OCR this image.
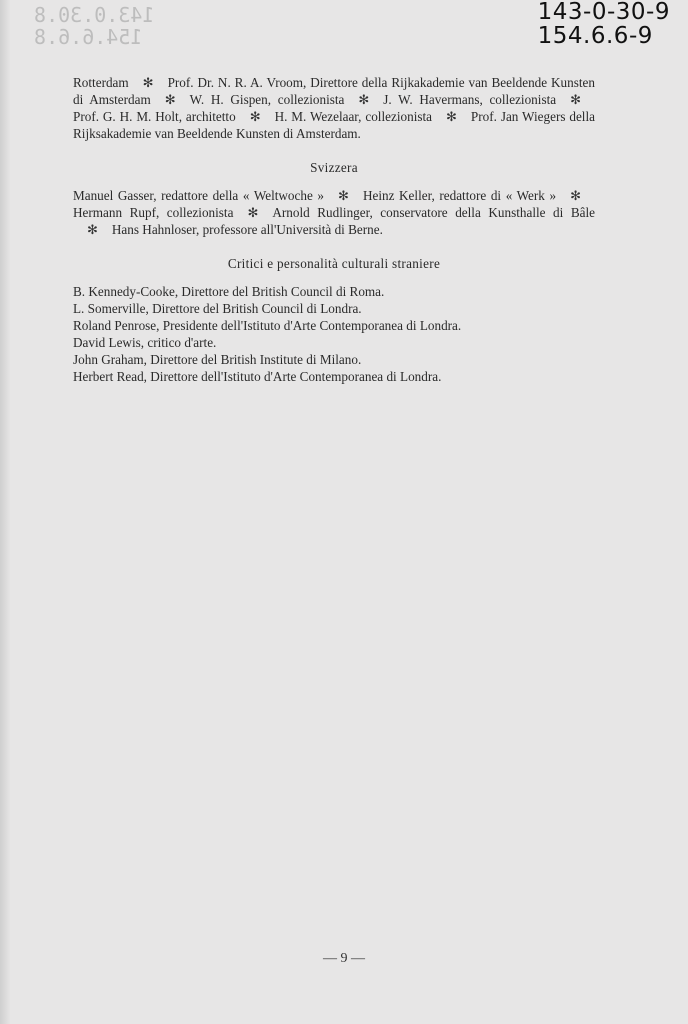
143.0.30.8
154.6.6.8
143-0-30-9
154.6.6-9

Rotterdam ✻ Prof. Dr. N. R. A. Vroom, Direttore della Rijkakademie van Beeldende Kunsten di Amsterdam ✻ W. H. Gispen, collezionista ✻ J. W. Havermans, collezionista ✻Prof. G. H. M. Holt, architetto ✻ H. M. Wezelaar, collezionista ✻ Prof. Jan Wiegers della Rijksakademie van Beeldende Kunsten di Amsterdam.

Svizzera

Manuel Gasser, redattore della « Weltwoche » ✻ Heinz Keller, redattore di « Werk » ✻Hermann Rupf, collezionista ✻ Arnold Rudlinger, conservatore della Kunsthalle di Bâle✻ Hans Hahnloser, professore all'Università di Berne.

Critici e personalità culturali straniere
B. Kennedy-Cooke, Direttore del British Council di Roma.
L. Somerville, Direttore del British Council di Londra.
Roland Penrose, Presidente dell'Istituto d'Arte Contemporanea di Londra.
David Lewis, critico d'arte.
John Graham, Direttore del British Institute di Milano.
Herbert Read, Direttore dell'Istituto d'Arte Contemporanea di Londra.
— 9 —
